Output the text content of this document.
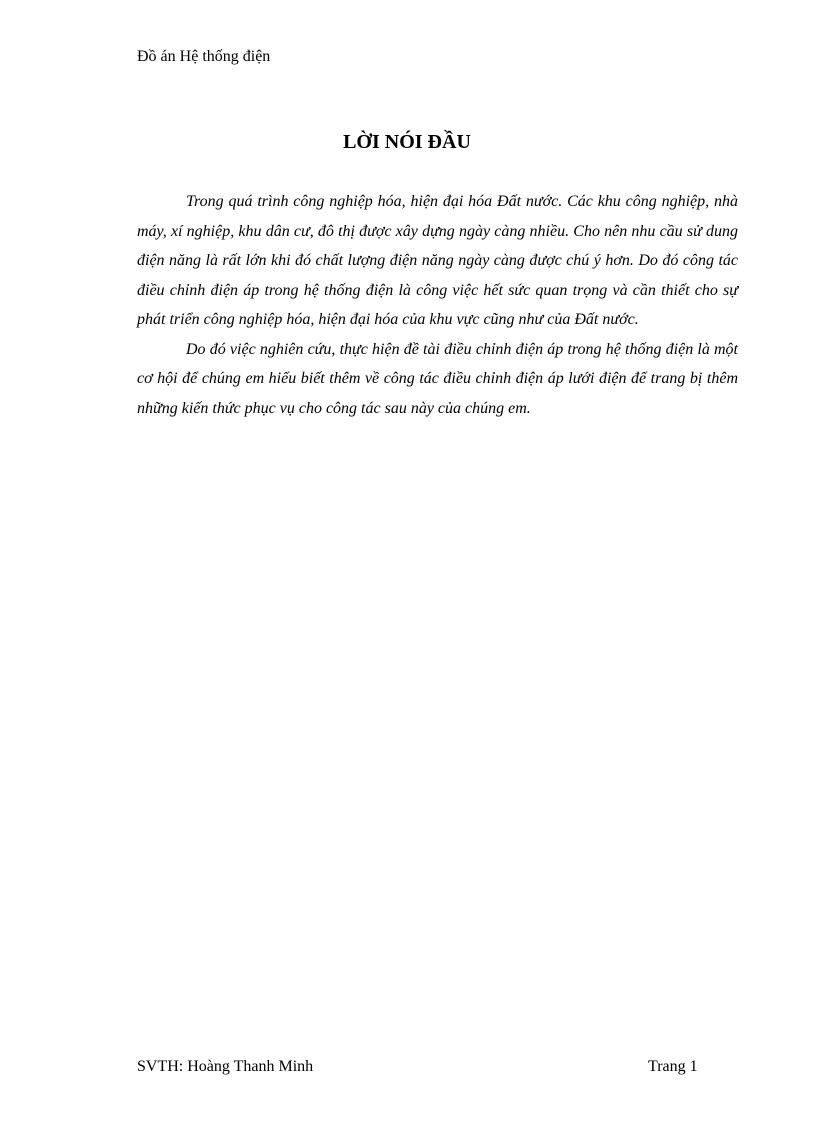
Đồ án Hệ thống điện
LỜI NÓI ĐẦU

Trong quá trình công nghiệp hóa, hiện đại hóa Đất nước. Các khu công nghiệp, nhà máy, xí nghiệp, khu dân cư, đô thị được xây dựng ngày càng nhiều. Cho nên nhu cầu sử dung điện năng là rất lớn khi đó chất lượng điện năng ngày càng được chú ý hơn. Do đó công tác điều chỉnh điện áp trong hệ thống điện là công việc hết sức quan trọng và cần thiết cho sự phát triển công nghiệp hóa, hiện đại hóa của khu vực cũng như của Đất nước.

Do đó việc nghiên cứu, thực hiện đề tài điều chỉnh điện áp trong hệ thống điện là một cơ hội để chúng em hiểu biết thêm về công tác điều chỉnh điện áp lưới điện để trang bị thêm những kiến thức phục vụ cho công tác sau này của chúng em.

SVTH: Hoàng Thanh Minh	Trang 1
